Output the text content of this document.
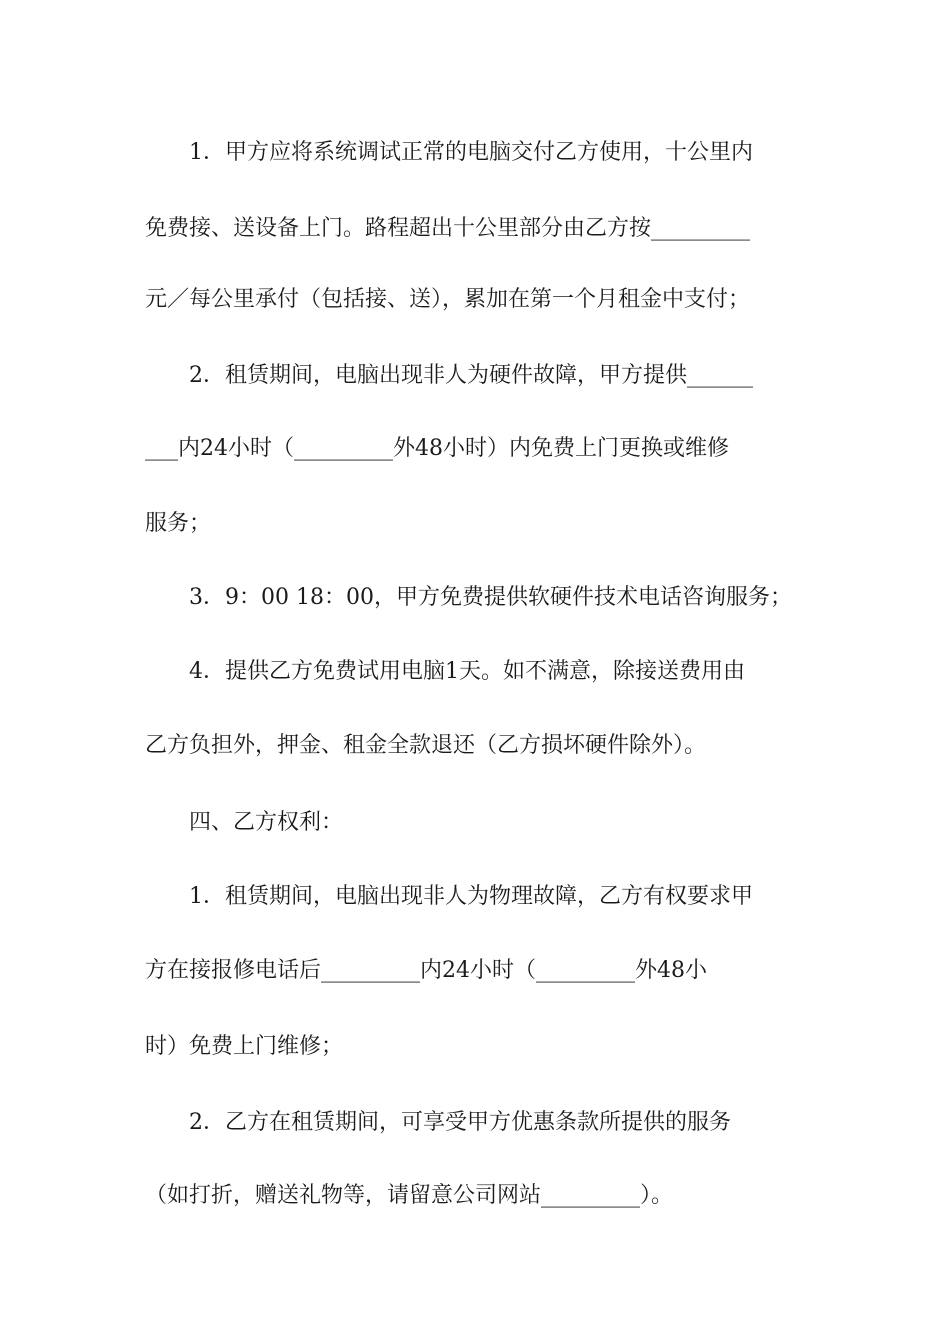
　　1．甲方应将系统调试正常的电脑交付乙方使用，十公里内
免费接、送设备上门。路程超出十公里部分由乙方按_________
元／每公里承付（包括接、送），累加在第一个月租金中支付；
　　2．租赁期间，电脑出现非人为硬件故障，甲方提供______
___内24小时（_________外48小时）内免费上门更换或维修
服务；
　　3．9：00 18：00，甲方免费提供软硬件技术电话咨询服务；
　　4．提供乙方免费试用电脑1天。如不满意，除接送费用由
乙方负担外，押金、租金全款退还（乙方损坏硬件除外）。
　　四、乙方权利：
　　1．租赁期间，电脑出现非人为物理故障，乙方有权要求甲
方在接报修电话后_________内24小时（_________外48小
时）免费上门维修；
　　2．乙方在租赁期间，可享受甲方优惠条款所提供的服务
（如打折，赠送礼物等，请留意公司网站_________）。
